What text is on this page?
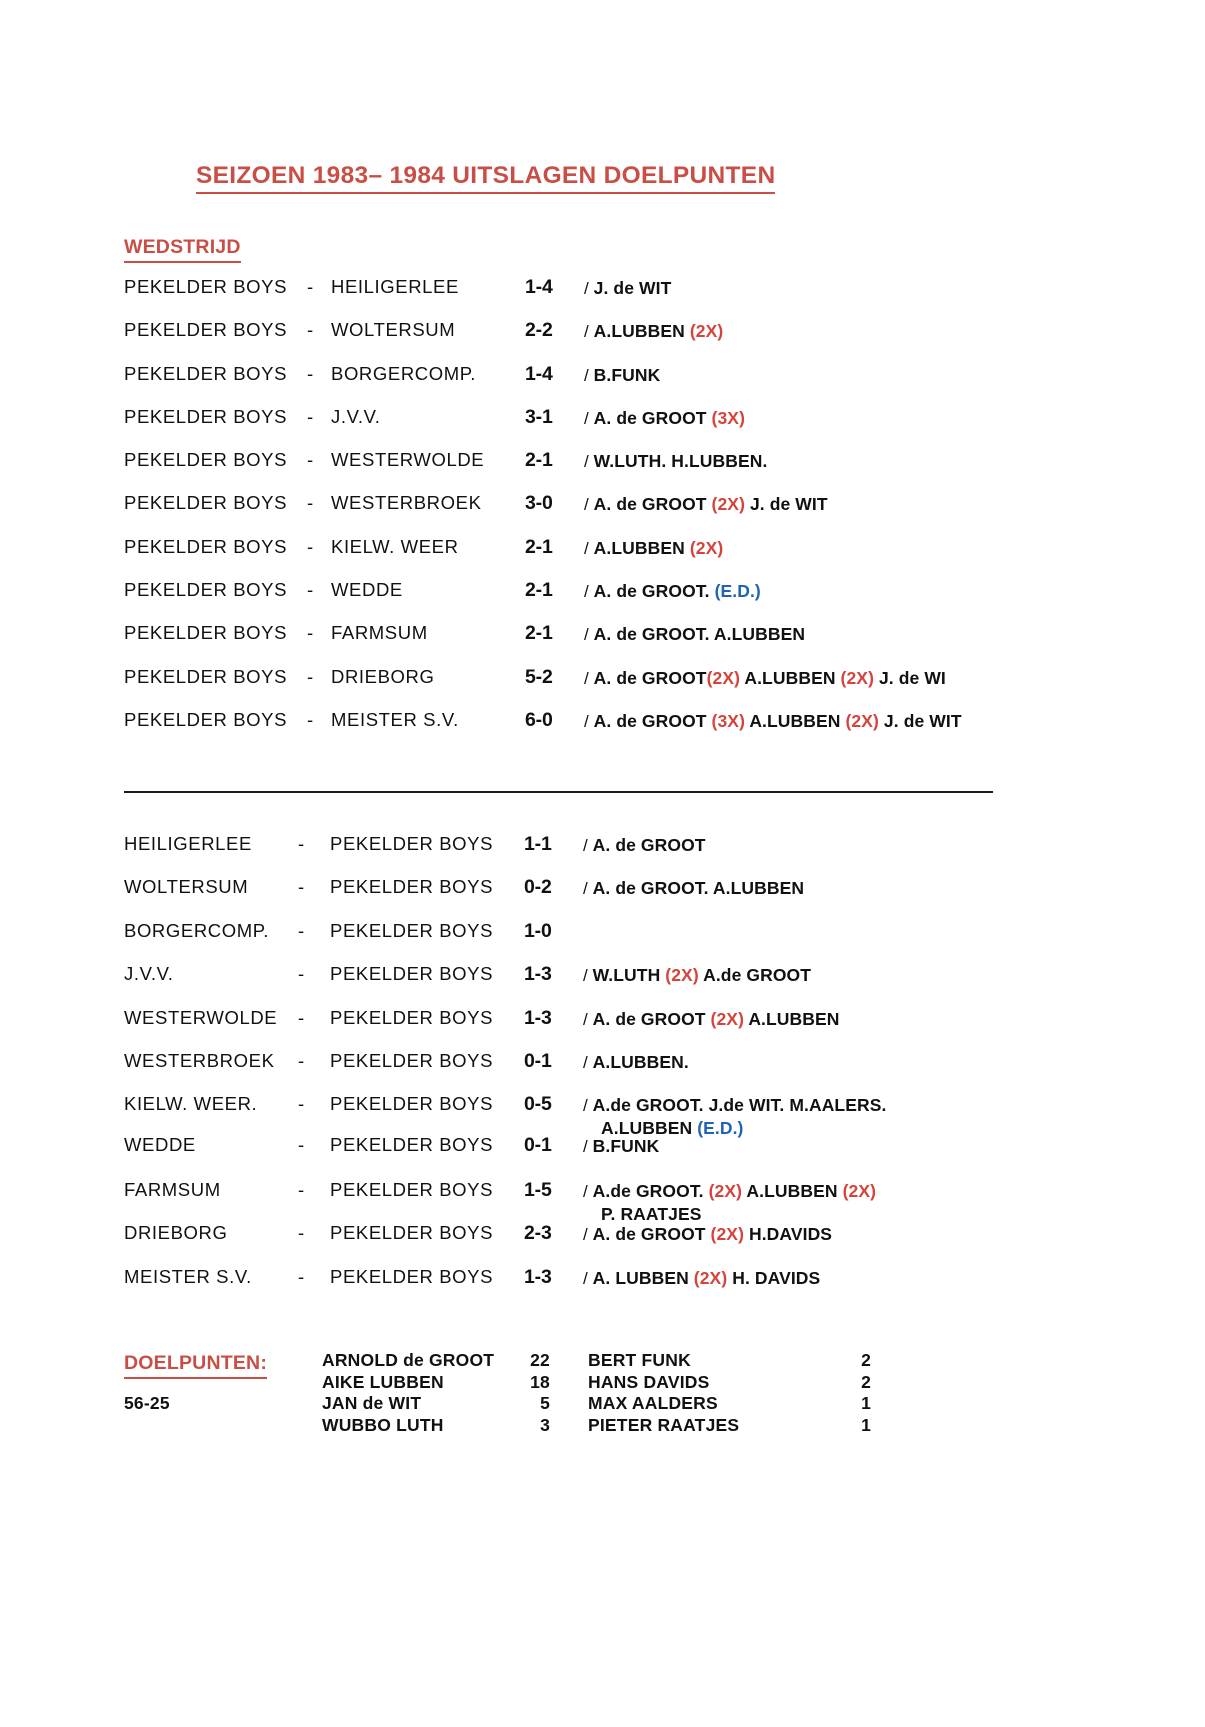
SEIZOEN 1983– 1984 UITSLAGEN DOELPUNTEN
WEDSTRIJD
PEKELDER BOYS - HEILIGERLEE	1-4 / J. de WIT
PEKELDER BOYS - WOLTERSUM	2-2 / A.LUBBEN (2X)
PEKELDER BOYS - BORGERCOMP.	1-4 / B.FUNK
PEKELDER BOYS - J.V.V.	3-1 / A. de GROOT (3X)
PEKELDER BOYS - WESTERWOLDE 2-1 / W.LUTH. H.LUBBEN.
PEKELDER BOYS - WESTERBROEK 3-0 / A. de GROOT (2X) J. de WIT
PEKELDER BOYS - KIELW. WEER	2-1 / A.LUBBEN (2X)
PEKELDER BOYS - WEDDE	2-1 / A. de GROOT. (E.D.)
PEKELDER BOYS - FARMSUM	2-1 / A. de GROOT. A.LUBBEN
PEKELDER BOYS - DRIEBORG	5-2 / A. de GROOT(2X) A.LUBBEN (2X) J. de WI
PEKELDER BOYS - MEISTER S.V.	6-0 / A. de GROOT (3X) A.LUBBEN (2X) J. de WIT
HEILIGERLEE - PEKELDER BOYS 1-1 / A. de GROOT
WOLTERSUM	- PEKELDER BOYS 0-2 / A. de GROOT. A.LUBBEN
BORGERCOMP. - PEKELDER BOYS 1-0
J.V.V.	- PEKELDER BOYS 1-3 / W.LUTH (2X) A.de GROOT
WESTERWOLDE - PEKELDER BOYS 1-3 / A. de GROOT (2X) A.LUBBEN
WESTERBROEK - PEKELDER BOYS 0-1 / A.LUBBEN.
KIELW. WEER. - PEKELDER BOYS 0-5 / A.de GROOT. J.de WIT. M.AALERS.
A.LUBBEN (E.D.)
WEDDE	- PEKELDER BOYS 0-1 / B.FUNK
FARMSUM	- PEKELDER BOYS 1-5 / A.de GROOT. (2X) A.LUBBEN (2X)
P. RAATJES
DRIEBORG	- PEKELDER BOYS 2-3 / A. de GROOT (2X) H.DAVIDS
MEISTER S.V. - PEKELDER BOYS 1-3 / A. LUBBEN (2X) H. DAVIDS
DOELPUNTEN:
56-25
ARNOLD de GROOT 22 BERT FUNK	2
AIKE LUBBEN	18 HANS DAVIDS	2
JAN de WIT	5 MAX AALDERS	1
WUBBO LUTH	3 PIETER RAATJES	1
